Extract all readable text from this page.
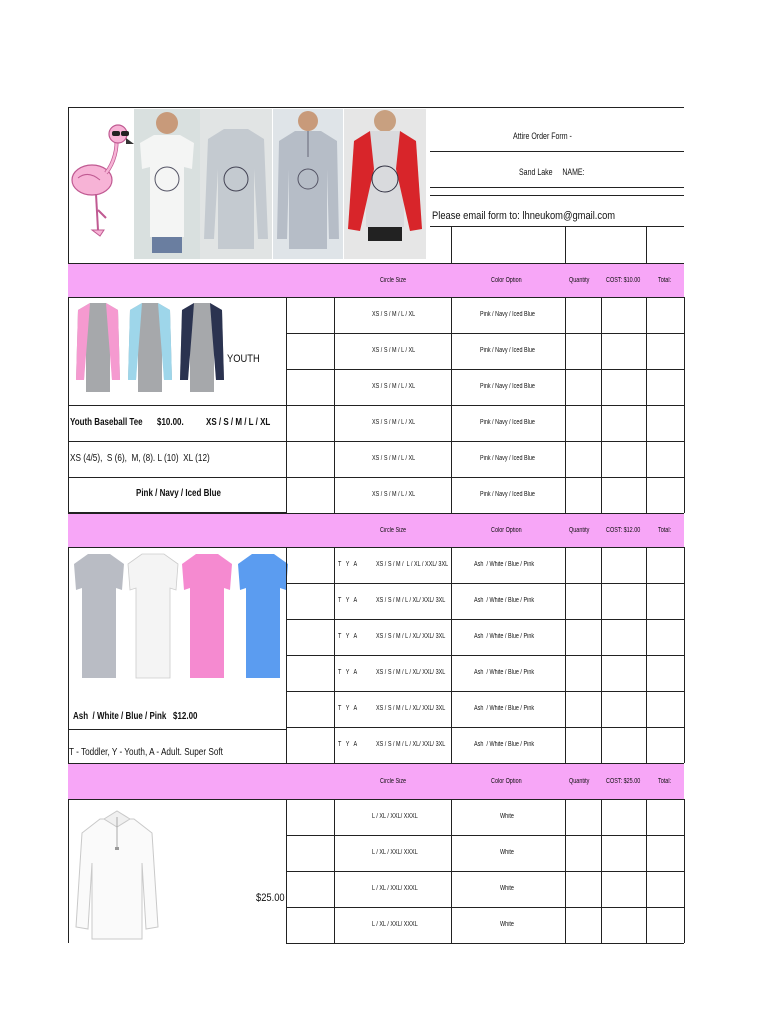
Attire Order Form -
Sand Lake     NAME:
Please email form to: lhneukom@gmail.com
Circle Size	Color Option	Quantity COST: $10.00	Total:
YOUTH
Youth Baseball Tee $10.00. XS / S / M / L / XL
XS (4/5),  S (6),  M, (8). L (10)  XL (12)
Pink / Navy / Iced Blue
XS / S / M / L / XL	Pink / Navy / Iced Blue
XS / S / M / L / XL	Pink / Navy / Iced Blue
XS / S / M / L / XL	Pink / Navy / Iced Blue
XS / S / M / L / XL	Pink / Navy / Iced Blue
XS / S / M / L / XL	Pink / Navy / Iced Blue
XS / S / M / L / XL	Pink / Navy / Iced Blue
Circle Size	Color Option	Quantity COST: $12.00	Total:
Ash  / White / Blue / Pink   $12.00
T - Toddler, Y - Youth, A - Adult. Super Soft
T   Y   A	XS / S / M /  L / XL / XXL/ 3XL	Ash  / White / Blue / Pink
T   Y   A	XS / S / M / L / XL/ XXL/ 3XL	Ash  / White / Blue / Pink
T   Y   A	XS / S / M / L / XL/ XXL/ 3XL	Ash  / White / Blue / Pink
T   Y   A	XS / S / M / L / XL/ XXL/ 3XL	Ash  / White / Blue / Pink
T   Y   A	XS / S / M / L / XL/ XXL/ 3XL	Ash  / White / Blue / Pink
T   Y   A	XS / S / M / L / XL/ XXL/ 3XL	Ash  / White / Blue / Pink
Circle Size	Color Option	Quantity COST: $25.00	Total:
$25.00
L / XL / XXL/ XXXL	White
L / XL / XXL/ XXXL	White
L / XL / XXL/ XXXL	White
L / XL / XXL/ XXXL	White
